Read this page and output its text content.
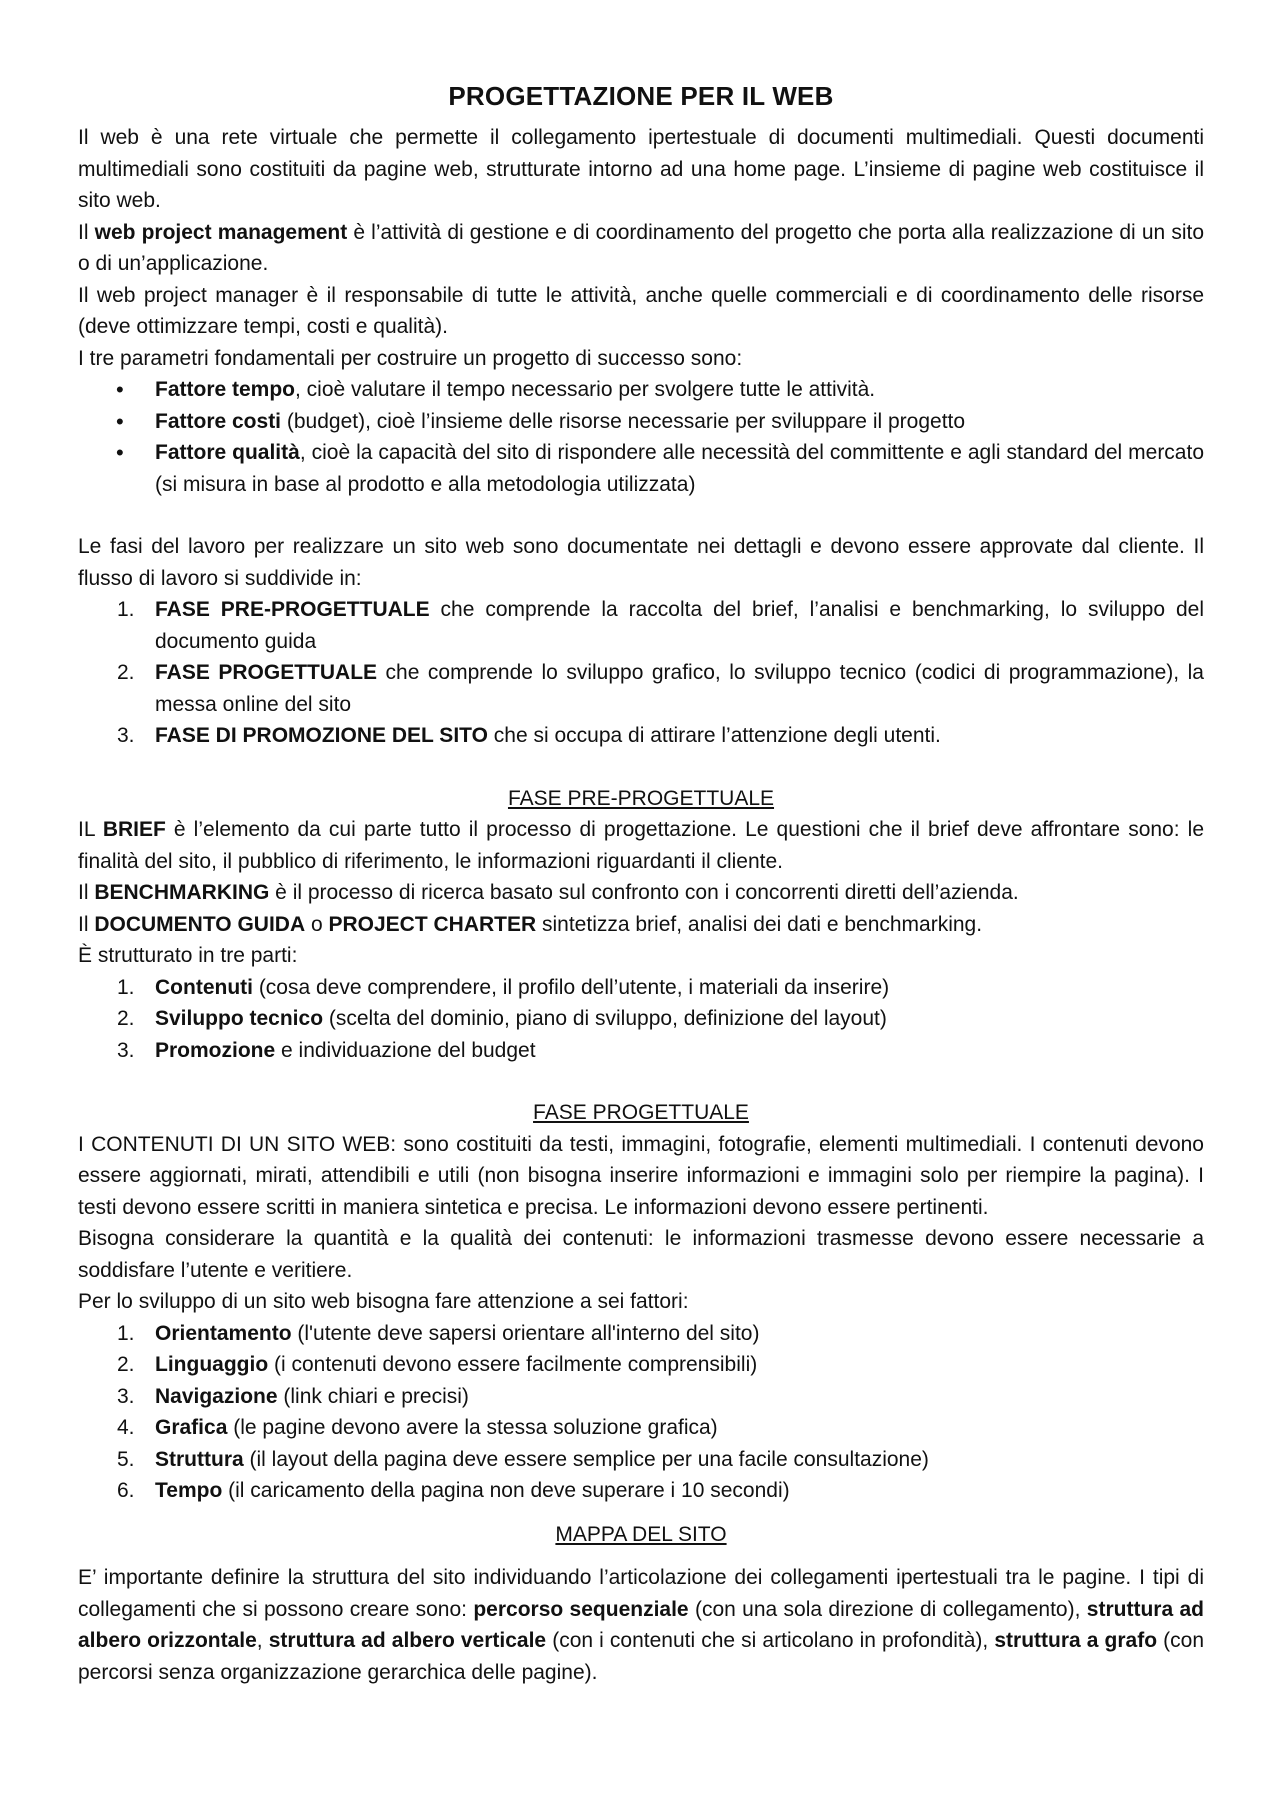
PROGETTAZIONE PER IL WEB

Il web è una rete virtuale che permette il collegamento ipertestuale di documenti multimediali. Questi documenti multimediali sono costituiti da pagine web, strutturate intorno ad una home page. L’insieme di pagine web costituisce il sito web.

Il web project management è l’attività di gestione e di coordinamento del progetto che porta alla realizzazione di un sito o di un’applicazione.

Il web project manager è il responsabile di tutte le attività, anche quelle commerciali e di coordinamento delle risorse (deve ottimizzare tempi, costi e qualità).

I tre parametri fondamentali per costruire un progetto di successo sono:

• Fattore tempo, cioè valutare il tempo necessario per svolgere tutte le attività.
• Fattore costi (budget), cioè l’insieme delle risorse necessarie per sviluppare il progetto
• Fattore qualità, cioè la capacità del sito di rispondere alle necessità del committente e agli standard del mercato (si misura in base al prodotto e alla metodologia utilizzata)

Le fasi del lavoro per realizzare un sito web sono documentate nei dettagli e devono essere approvate dal cliente. Il flusso di lavoro si suddivide in:

1. FASE PRE-PROGETTUALE che comprende la raccolta del brief, l’analisi e benchmarking, lo sviluppo del documento guida
2. FASE PROGETTUALE che comprende lo sviluppo grafico, lo sviluppo tecnico (codici di programmazione), la messa online del sito
3. FASE DI PROMOZIONE DEL SITO che si occupa di attirare l’attenzione degli utenti.

FASE PRE-PROGETTUALE

IL BRIEF è l’elemento da cui parte tutto il processo di progettazione. Le questioni che il brief deve affrontare sono: le finalità del sito, il pubblico di riferimento, le informazioni riguardanti il cliente.

Il BENCHMARKING è il processo di ricerca basato sul confronto con i concorrenti diretti dell’azienda.

Il DOCUMENTO GUIDA o PROJECT CHARTER sintetizza brief, analisi dei dati e benchmarking.

È strutturato in tre parti:

1. Contenuti (cosa deve comprendere, il profilo dell’utente, i materiali da inserire)
2. Sviluppo tecnico (scelta del dominio, piano di sviluppo, definizione del layout)
3. Promozione e individuazione del budget

FASE PROGETTUALE

I CONTENUTI DI UN SITO WEB: sono costituiti da testi, immagini, fotografie, elementi multimediali. I contenuti devono essere aggiornati, mirati, attendibili e utili (non bisogna inserire informazioni e immagini solo per riempire la pagina). I testi devono essere scritti in maniera sintetica e precisa. Le informazioni devono essere pertinenti.

Bisogna considerare la quantità e la qualità dei contenuti: le informazioni trasmesse devono essere necessarie a soddisfare l’utente e veritiere.

Per lo sviluppo di un sito web bisogna fare attenzione a sei fattori:

1. Orientamento (l'utente deve sapersi orientare all'interno del sito)
2. Linguaggio (i contenuti devono essere facilmente comprensibili)
3. Navigazione (link chiari e precisi)
4. Grafica (le pagine devono avere la stessa soluzione grafica)
5. Struttura (il layout della pagina deve essere semplice per una facile consultazione)
6. Tempo (il caricamento della pagina non deve superare i 10 secondi)

MAPPA DEL SITO

E’ importante definire la struttura del sito individuando l’articolazione dei collegamenti ipertestuali tra le pagine. I tipi di collegamenti che si possono creare sono: percorso sequenziale (con una sola direzione di collegamento), struttura ad albero orizzontale, struttura ad albero verticale (con i contenuti che si articolano in profondità), struttura a grafo (con percorsi senza organizzazione gerarchica delle pagine).
